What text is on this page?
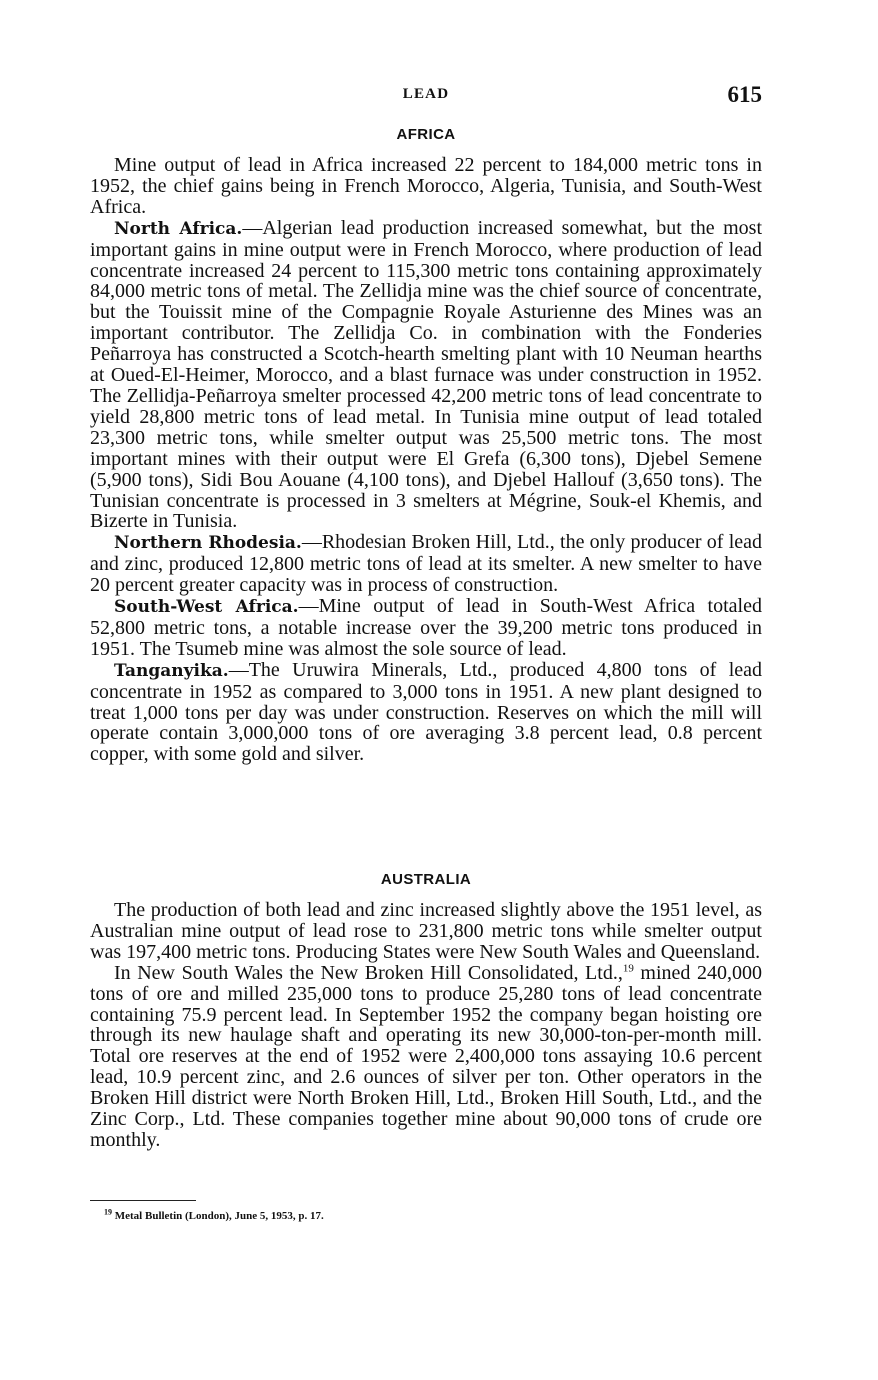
LEAD	615
AFRICA

Mine output of lead in Africa increased 22 percent to 184,000 metric tons in 1952, the chief gains being in French Morocco, Algeria, Tunisia, and South-West Africa.

North Africa.—Algerian lead production increased somewhat, but the most important gains in mine output were in French Morocco, where production of lead concentrate increased 24 percent to 115,300 metric tons containing approximately 84,000 metric tons of metal. The Zellidja mine was the chief source of concentrate, but the Touissit mine of the Compagnie Royale Asturienne des Mines was an important contributor. The Zellidja Co. in combination with the Fonderies Peñarroya has constructed a Scotch-hearth smelting plant with 10 Neuman hearths at Oued-El-Heimer, Morocco, and a blast furnace was under construction in 1952. The Zellidja-Peñarroya smelter processed 42,200 metric tons of lead concentrate to yield 28,800 metric tons of lead metal. In Tunisia mine output of lead totaled 23,300 metric tons, while smelter output was 25,500 metric tons. The most important mines with their output were El Grefa (6,300 tons), Djebel Semene (5,900 tons), Sidi Bou Aouane (4,100 tons), and Djebel Hallouf (3,650 tons). The Tunisian concentrate is processed in 3 smelters at Mégrine, Souk-el Khemis, and Bizerte in Tunisia.

Northern Rhodesia.—Rhodesian Broken Hill, Ltd., the only producer of lead and zinc, produced 12,800 metric tons of lead at its smelter. A new smelter to have 20 percent greater capacity was in process of construction.

South-West Africa.—Mine output of lead in South-West Africa totaled 52,800 metric tons, a notable increase over the 39,200 metric tons produced in 1951. The Tsumeb mine was almost the sole source of lead.

Tanganyika.—The Uruwira Minerals, Ltd., produced 4,800 tons of lead concentrate in 1952 as compared to 3,000 tons in 1951. A new plant designed to treat 1,000 tons per day was under construction. Reserves on which the mill will operate contain 3,000,000 tons of ore averaging 3.8 percent lead, 0.8 percent copper, with some gold and silver.

AUSTRALIA

The production of both lead and zinc increased slightly above the 1951 level, as Australian mine output of lead rose to 231,800 metric tons while smelter output was 197,400 metric tons. Producing States were New South Wales and Queensland.

In New South Wales the New Broken Hill Consolidated, Ltd.,$^{19}$ mined 240,000 tons of ore and milled 235,000 tons to produce 25,280 tons of lead concentrate containing 75.9 percent lead. In September 1952 the company began hoisting ore through its new haulage shaft and operating its new 30,000-ton-per-month mill. Total ore reserves at the end of 1952 were 2,400,000 tons assaying 10.6 percent lead, 10.9 percent zinc, and 2.6 ounces of silver per ton. Other operators in the Broken Hill district were North Broken Hill, Ltd., Broken Hill South, Ltd., and the Zinc Corp., Ltd. These companies together mine about 90,000 tons of crude ore monthly.

$^{19}$ Metal Bulletin (London), June 5, 1953, p. 17.
